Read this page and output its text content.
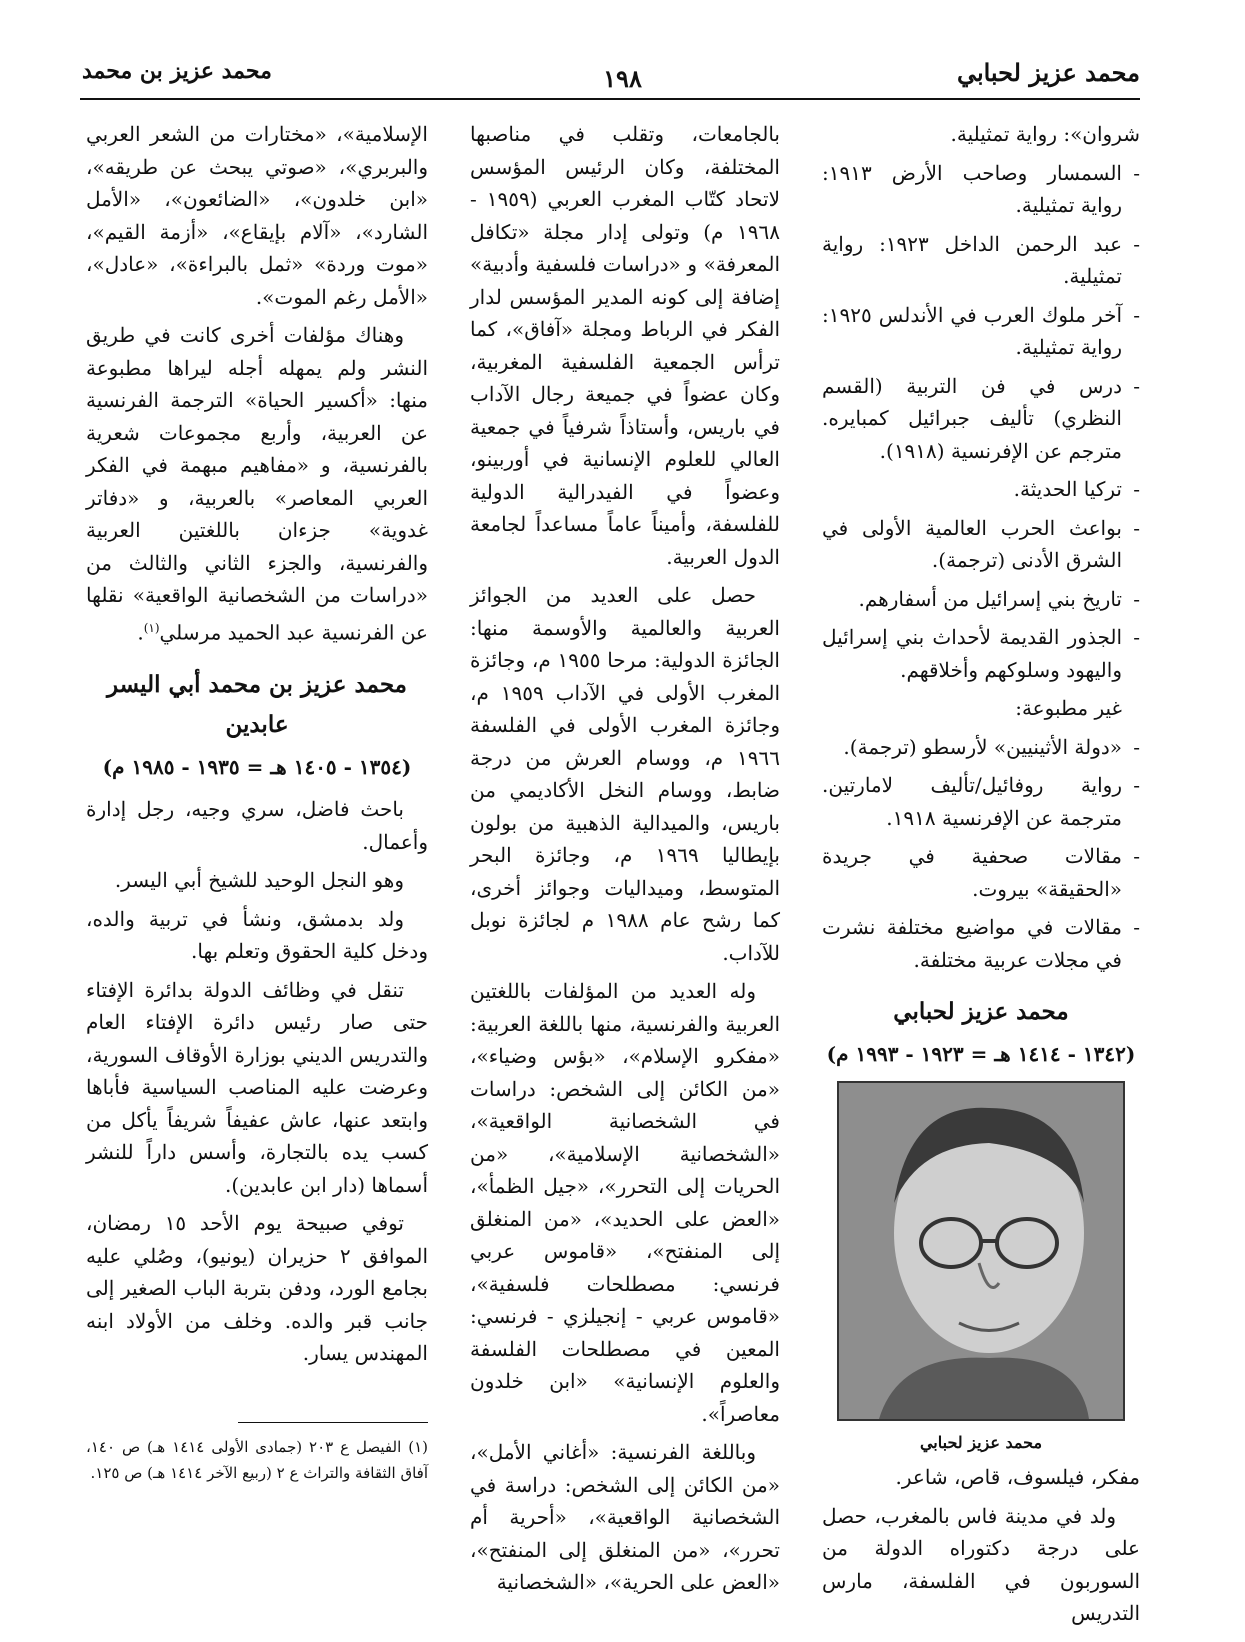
محمد عزيز لحبابي
١٩٨
محمد عزيز بن محمد
شروان»: رواية تمثيلية.
- السمسار وصاحب الأرض ١٩١٣: رواية تمثيلية.
- عبد الرحمن الداخل ١٩٢٣: رواية تمثيلية.
- آخر ملوك العرب في الأندلس ١٩٢٥: رواية تمثيلية.
- درس في فن التربية (القسم النظري) تأليف جبرائيل كمبايره. مترجم عن الإفرنسية (١٩١٨).
- تركيا الحديثة.
- بواعث الحرب العالمية الأولى في الشرق الأدنى (ترجمة).
- تاريخ بني إسرائيل من أسفارهم.
- الجذور القديمة لأحداث بني إسرائيل واليهود وسلوكهم وأخلاقهم.
غير مطبوعة:
- «دولة الأثينيين» لأرسطو (ترجمة).
- رواية روفائيل/تأليف لامارتين. مترجمة عن الإفرنسية ١٩١٨.
- مقالات صحفية في جريدة «الحقيقة» بيروت.
- مقالات في مواضيع مختلفة نشرت في مجلات عربية مختلفة.
محمد عزيز لحبابي
(١٣٤٢ - ١٤١٤ هـ = ١٩٢٣ - ١٩٩٣ م)
محمد عزيز لحبابي

مفكر، فيلسوف، قاص، شاعر.

ولد في مدينة فاس بالمغرب، حصل على درجة دكتوراه الدولة من السوربون في الفلسفة، مارس التدريس

بالجامعات، وتقلب في مناصبها المختلفة، وكان الرئيس المؤسس لاتحاد كتّاب المغرب العربي (١٩٥٩ - ١٩٦٨ م) وتولى إدار مجلة «تكافل المعرفة» و «دراسات فلسفية وأدبية» إضافة إلى كونه المدير المؤسس لدار الفكر في الرباط ومجلة «آفاق»، كما ترأس الجمعية الفلسفية المغربية، وكان عضواً في جميعة رجال الآداب في باريس، وأستاذاً شرفياً في جمعية العالي للعلوم الإنسانية في أوربينو، وعضواً في الفيدرالية الدولية للفلسفة، وأميناً عاماً مساعداً لجامعة الدول العربية.

حصل على العديد من الجوائز العربية والعالمية والأوسمة منها: الجائزة الدولية: مرحا ١٩٥٥ م، وجائزة المغرب الأولى في الآداب ١٩٥٩ م، وجائزة المغرب الأولى في الفلسفة ١٩٦٦ م، ووسام العرش من درجة ضابط، ووسام النخل الأكاديمي من باريس، والميدالية الذهبية من بولون بإيطاليا ١٩٦٩ م، وجائزة البحر المتوسط، وميداليات وجوائز أخرى، كما رشح عام ١٩٨٨ م لجائزة نوبل للآداب.

وله العديد من المؤلفات باللغتين العربية والفرنسية، منها باللغة العربية: «مفكرو الإسلام»، «بؤس وضياء»، «من الكائن إلى الشخص: دراسات في الشخصانية الواقعية»، «الشخصانية الإسلامية»، «من الحريات إلى التحرر»، «جيل الظمأ»، «العض على الحديد»، «من المنغلق إلى المنفتح»، «قاموس عربي فرنسي: مصطلحات فلسفية»، «قاموس عربي - إنجيلزي - فرنسي: المعين في مصطلحات الفلسفة والعلوم الإنسانية» «ابن خلدون معاصراً».

وباللغة الفرنسية: «أغاني الأمل»، «من الكائن إلى الشخص: دراسة في الشخصانية الواقعية»، «أحرية أم تحرر»، «من المنغلق إلى المنفتح»، «العض على الحرية»، «الشخصانية

الإسلامية»، «مختارات من الشعر العربي والبربري»، «صوتي يبحث عن طريقه»، «ابن خلدون»، «الضائعون»، «الأمل الشارد»، «آلام بإيقاع»، «أزمة القيم»، «موت وردة» «ثمل بالبراءة»، «عادل»، «الأمل رغم الموت».

وهناك مؤلفات أخرى كانت في طريق النشر ولم يمهله أجله ليراها مطبوعة منها: «أكسير الحياة» الترجمة الفرنسية عن العربية، وأربع مجموعات شعرية بالفرنسية، و «مفاهيم مبهمة في الفكر العربي المعاصر» بالعربية، و «دفاتر غدوية» جزءان باللغتين العربية والفرنسية، والجزء الثاني والثالث من «دراسات من الشخصانية الواقعية» نقلها عن الفرنسية عبد الحميد مرسلي$^{(١)}$.

محمد عزيز بن محمد أبي اليسر عابدين
(١٣٥٤ - ١٤٠٥ هـ = ١٩٣٥ - ١٩٨٥ م)

باحث فاضل، سري وجيه، رجل إدارة وأعمال.

وهو النجل الوحيد للشيخ أبي اليسر.

ولد بدمشق، ونشأ في تربية والده، ودخل كلية الحقوق وتعلم بها.

تنقل في وظائف الدولة بدائرة الإفتاء حتى صار رئيس دائرة الإفتاء العام والتدريس الديني بوزارة الأوقاف السورية، وعرضت عليه المناصب السياسية فأباها وابتعد عنها، عاش عفيفاً شريفاً يأكل من كسب يده بالتجارة، وأسس داراً للنشر أسماها (دار ابن عابدين).

توفي صبيحة يوم الأحد ١٥ رمضان، الموافق ٢ حزيران (يونيو)، وصُلي عليه بجامع الورد، ودفن بتربة الباب الصغير إلى جانب قبر والده. وخلف من الأولاد ابنه المهندس يسار.

(١) الفيصل ع ٢٠٣ (جمادى الأولى ١٤١٤ هـ) ص ١٤٠، آفاق الثقافة والتراث ع ٢ (ربيع الآخر ١٤١٤ هـ) ص ١٢٥.
